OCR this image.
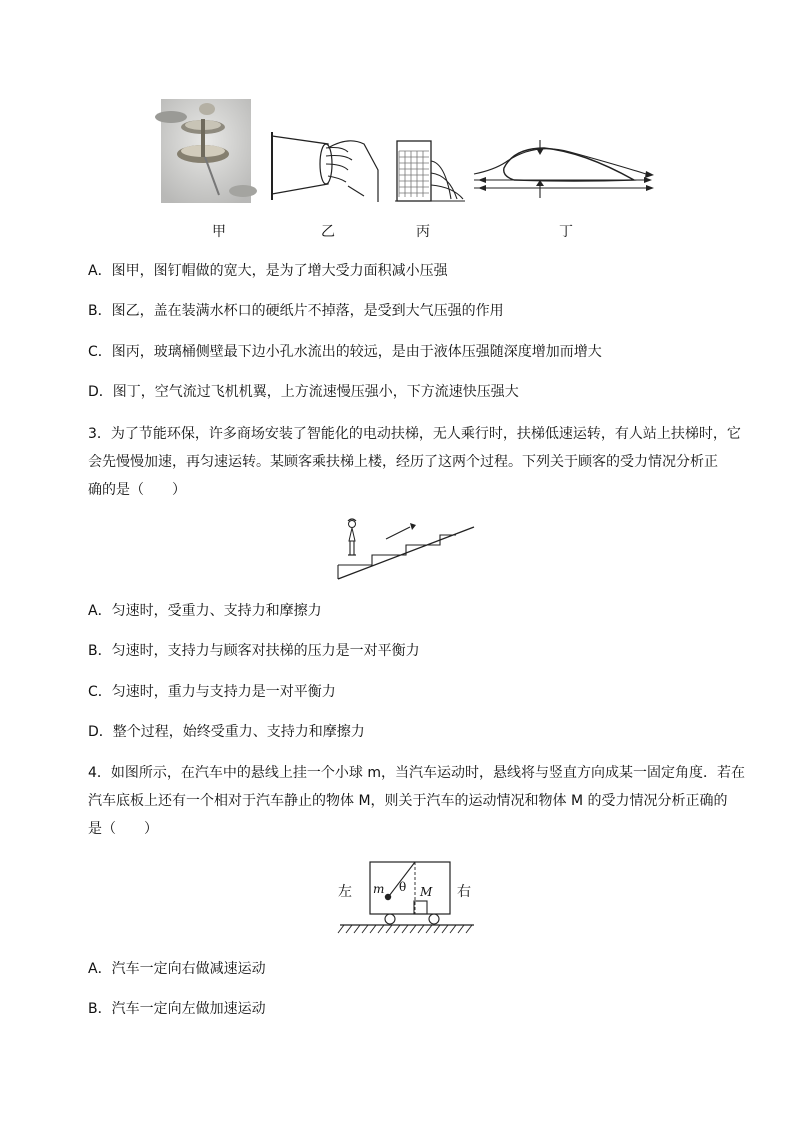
甲	乙	丙	丁
A．图甲，图钉帽做的宽大，是为了增大受力面积减小压强
B．图乙，盖在装满水杯口的硬纸片不掉落，是受到大气压强的作用
C．图丙，玻璃桶侧壁最下边小孔水流出的较远，是由于液体压强随深度增加而增大
D．图丁，空气流过飞机机翼，上方流速慢压强小，下方流速快压强大
3．为了节能环保，许多商场安装了智能化的电动扶梯，无人乘行时，扶梯低速运转，有人站上扶梯时，它
会先慢慢加速，再匀速运转。某顾客乘扶梯上楼，经历了这两个过程。下列关于顾客的受力情况分析正
确的是（　　）
A．匀速时，受重力、支持力和摩擦力
B．匀速时，支持力与顾客对扶梯的压力是一对平衡力
C．匀速时，重力与支持力是一对平衡力
D．整个过程，始终受重力、支持力和摩擦力
4．如图所示，在汽车中的悬线上挂一个小球 m，当汽车运动时，悬线将与竖直方向成某一固定角度．若在
汽车底板上还有一个相对于汽车静止的物体 M，则关于汽车的运动情况和物体 M 的受力情况分析正确的
是（　　）
左	右
m θ M
A．汽车一定向右做减速运动
B．汽车一定向左做加速运动
